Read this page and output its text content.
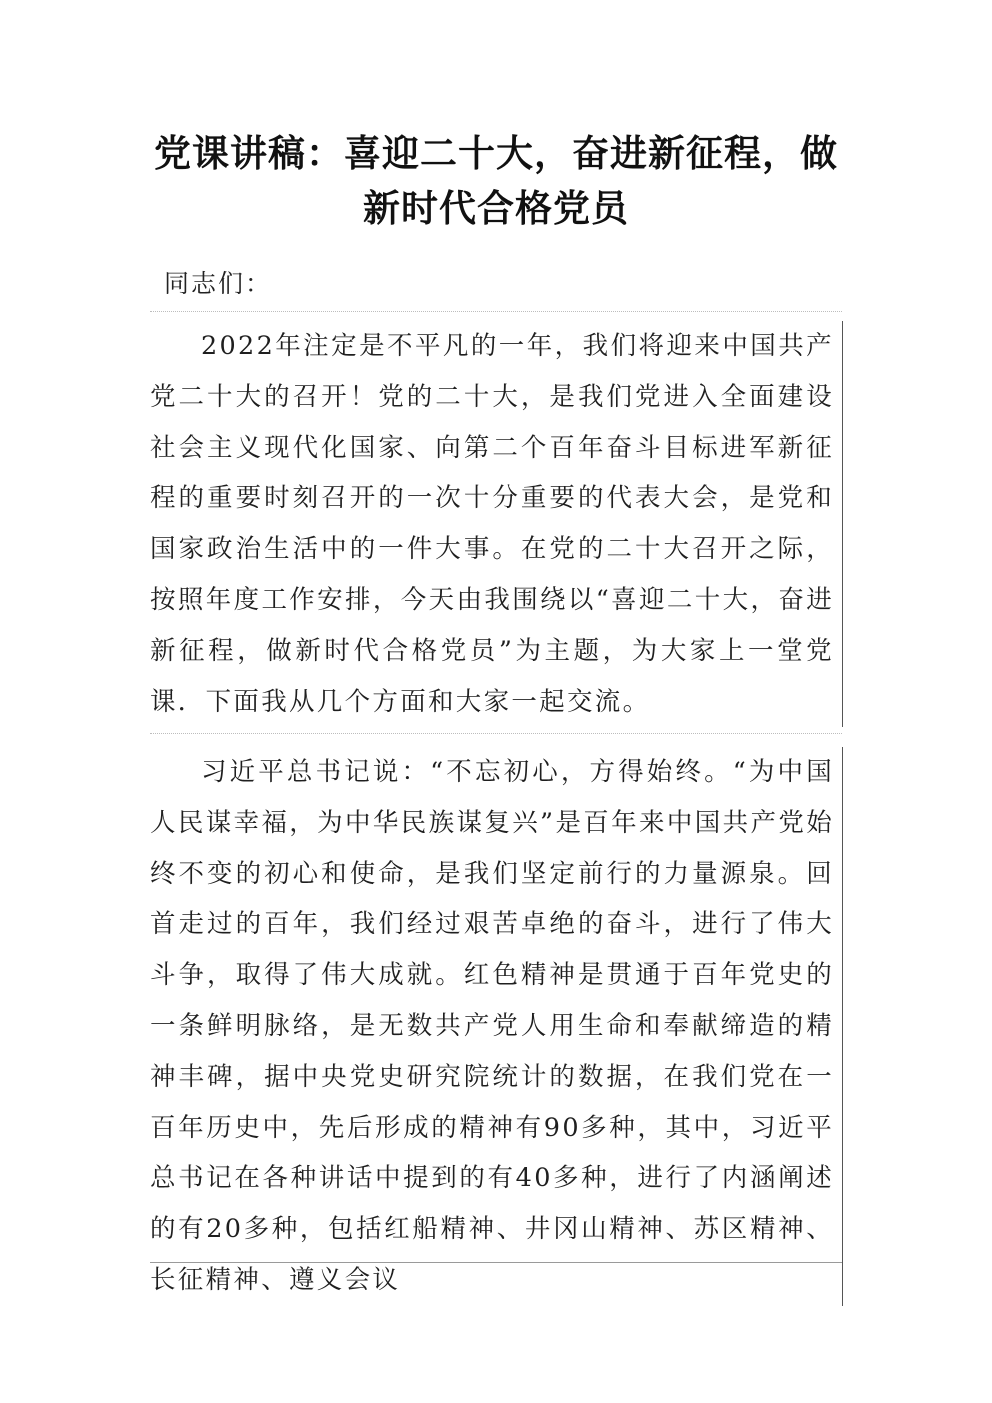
党课讲稿：喜迎二十大，奋进新征程，做新时代合格党员

同志们：

2022年注定是不平凡的一年，我们将迎来中国共产党二十大的召开！党的二十大，是我们党进入全面建设社会主义现代化国家、向第二个百年奋斗目标进军新征程的重要时刻召开的一次十分重要的代表大会，是党和国家政治生活中的一件大事。在党的二十大召开之际，按照年度工作安排，今天由我围绕以“喜迎二十大，奋进新征程，做新时代合格党员”为主题，为大家上一堂党课．下面我从几个方面和大家一起交流。

习近平总书记说：“不忘初心，方得始终。“为中国人民谋幸福，为中华民族谋复兴”是百年来中国共产党始终不变的初心和使命，是我们坚定前行的力量源泉。回首走过的百年，我们经过艰苦卓绝的奋斗，进行了伟大斗争，取得了伟大成就。红色精神是贯通于百年党史的一条鲜明脉络，是无数共产党人用生命和奉献缔造的精神丰碑，据中央党史研究院统计的数据，在我们党在一百年历史中，先后形成的精神有90多种，其中，习近平总书记在各种讲话中提到的有40多种，进行了内涵阐述的有20多种，包括红船精神、井冈山精神、苏区精神、长征精神、遵义会议
